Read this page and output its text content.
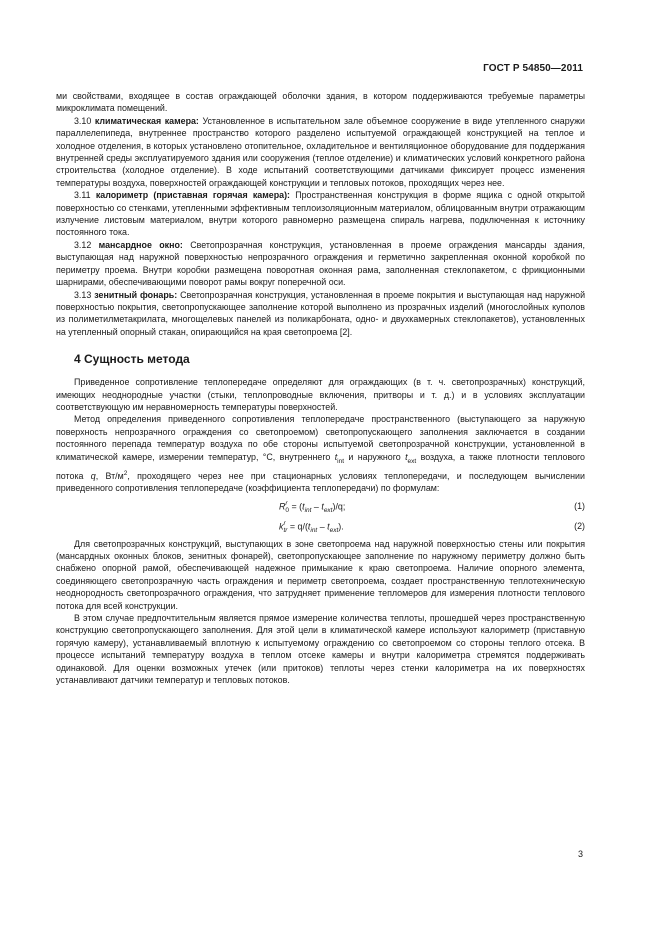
ГОСТ Р 54850—2011

ми свойствами, входящее в состав ограждающей оболочки здания, в котором поддерживаются требуемые параметры микроклимата помещений.

3.10 климатическая камера: Установленное в испытательном зале объемное сооружение в виде утепленного снаружи параллелепипеда, внутреннее пространство которого разделено испытуемой ограждающей конструкцией на теплое и холодное отделения, в которых установлено отопительное, охладительное и вентиляционное оборудование для поддержания внутренней среды эксплуатируемого здания или сооружения (теплое отделение) и климатических условий конкретного района строительства (холодное отделение). В ходе испытаний соответствующими датчиками фиксирует процесс изменения температуры воздуха, поверхностей ограждающей конструкции и тепловых потоков, проходящих через нее.

3.11 калориметр (приставная горячая камера): Пространственная конструкция в форме ящика с одной открытой поверхностью со стенками, утепленными эффективным теплоизоляционным материалом, облицованным внутри отражающим излучение листовым материалом, внутри которого равномерно размещена спираль нагрева, подключенная к источнику постоянного тока.

3.12 мансардное окно: Светопрозрачная конструкция, установленная в проеме ограждения мансарды здания, выступающая над наружной поверхностью непрозрачного ограждения и герметично закрепленная оконной коробкой по периметру проема. Внутри коробки размещена поворотная оконная рама, заполненная стеклопакетом, с фрикционными шарнирами, обеспечивающими поворот рамы вокруг поперечной оси.

3.13 зенитный фонарь: Светопрозрачная конструкция, установленная в проеме покрытия и выступающая над наружной поверхностью покрытия, светопропускающее заполнение которой выполнено из прозрачных изделий (многослойных куполов из полиметилметакрилата, многощелевых панелей из поликарбоната, одно- и двухкамерных стеклопакетов), установленных на утепленный опорный стакан, опирающийся на края светопроема [2].

4 Сущность метода

Приведенное сопротивление теплопередаче определяют для ограждающих (в т. ч. светопрозрачных) конструкций, имеющих неоднородные участки (стыки, теплопроводные включения, притворы и т. д.) и в условиях эксплуатации соответствующую им неравномерность температуры поверхностей.

Метод определения приведенного сопротивления теплопередаче пространственного (выступающего за наружную поверхность непрозрачного ограждения со светопроемом) светопропускающего заполнения заключается в создании постоянного перепада температур воздуха по обе стороны испытуемой светопрозрачной конструкции, установленной в климатической камере, измерении температур, °С, внутреннего $t_{int}$ и наружного $t_{ext}$ воздуха, а также плотности теплового потока q, $Вт/м^2$, проходящего через нее при стационарных условиях теплопередачи, и последующем вычислении приведенного сопротивления теплопередаче (коэффициента теплопередачи) по формулам:

R r
$0 = (t_{int} - t_{ext})/q$;	(1)
k r
tr = $q/(t_{int} - t_{ext})$.	(2)

Для светопрозрачных конструкций, выступающих в зоне светопроема над наружной поверхностью стены или покрытия (мансардных оконных блоков, зенитных фонарей), светопропускающее заполнение по наружному периметру должно быть снабжено опорной рамой, обеспечивающей надежное примыкание к краю светопроема. Наличие опорного элемента, соединяющего светопрозрачную часть ограждения и периметр светопроема, создает пространственную теплотехническую неоднородность светопрозрачного ограждения, что затрудняет применение тепломеров для измерения плотности теплового потока для всей конструкции.

В этом случае предпочтительным является прямое измерение количества теплоты, прошедшей через пространственную конструкцию светопропускающего заполнения. Для этой цели в климатической камере используют калориметр (приставную горячую камеру), устанавливаемый вплотную к испытуемому ограждению со светопроемом со стороны теплого отсека. В процессе испытаний температуру воздуха в теплом отсеке камеры и внутри калориметра стремятся поддерживать одинаковой. Для оценки возможных утечек (или притоков) теплоты через стенки калориметра на их поверхностях устанавливают датчики температур и тепловых потоков.

3
